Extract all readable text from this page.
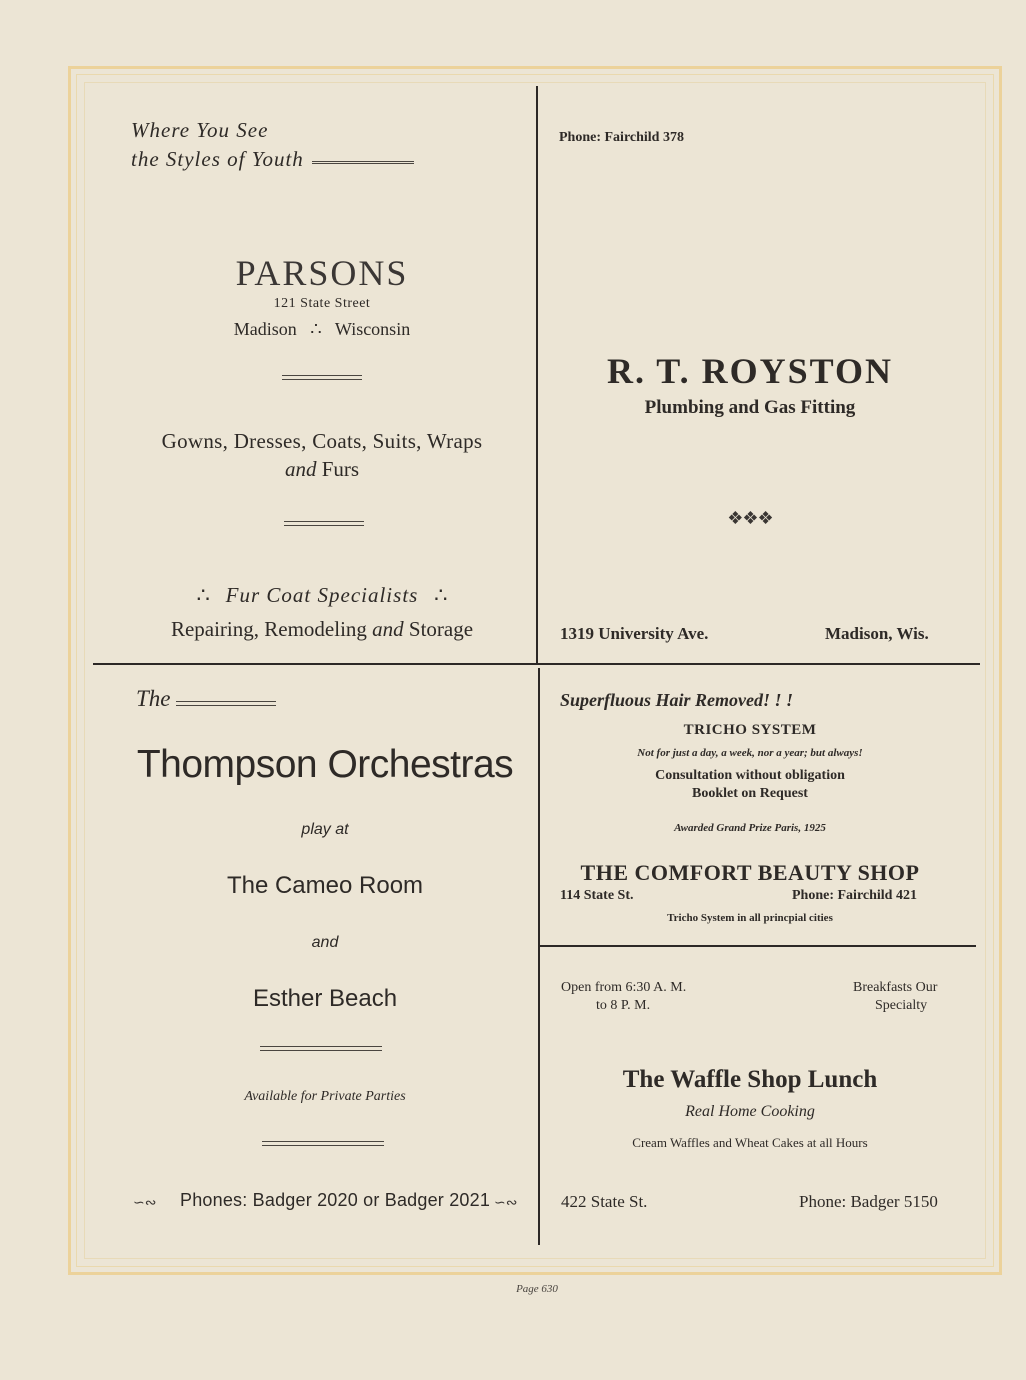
Where You See
the Styles of Youth
PARSONS
121 State Street
Madison ∴ Wisconsin
Gowns, Dresses, Coats, Suits, Wraps
and Furs
∴ Fur Coat Specialists ∴
Repairing, Remodeling and Storage
Phone: Fairchild 378
R. T. ROYSTON
Plumbing and Gas Fitting
❖❖❖
1319 University Ave.	Madison, Wis.
The
Thompson Orchestras
play at
The Cameo Room
and
Esther Beach
Available for Private Parties
∽∾ Phones: Badger 2020 or Badger 2021 ∽∾
Superfluous Hair Removed! ! !
TRICHO SYSTEM
Not for just a day, a week, nor a year; but always!
Consultation without obligation
Booklet on Request
Awarded Grand Prize Paris, 1925
THE COMFORT BEAUTY SHOP
114 State St.	Phone: Fairchild 421
Tricho System in all princpial cities
Open from 6:30 A. M.
to 8 P. M.
Breakfasts Our
Specialty
The Waffle Shop Lunch
Real Home Cooking
Cream Waffles and Wheat Cakes at all Hours
422 State St.	Phone: Badger 5150
Page 630
